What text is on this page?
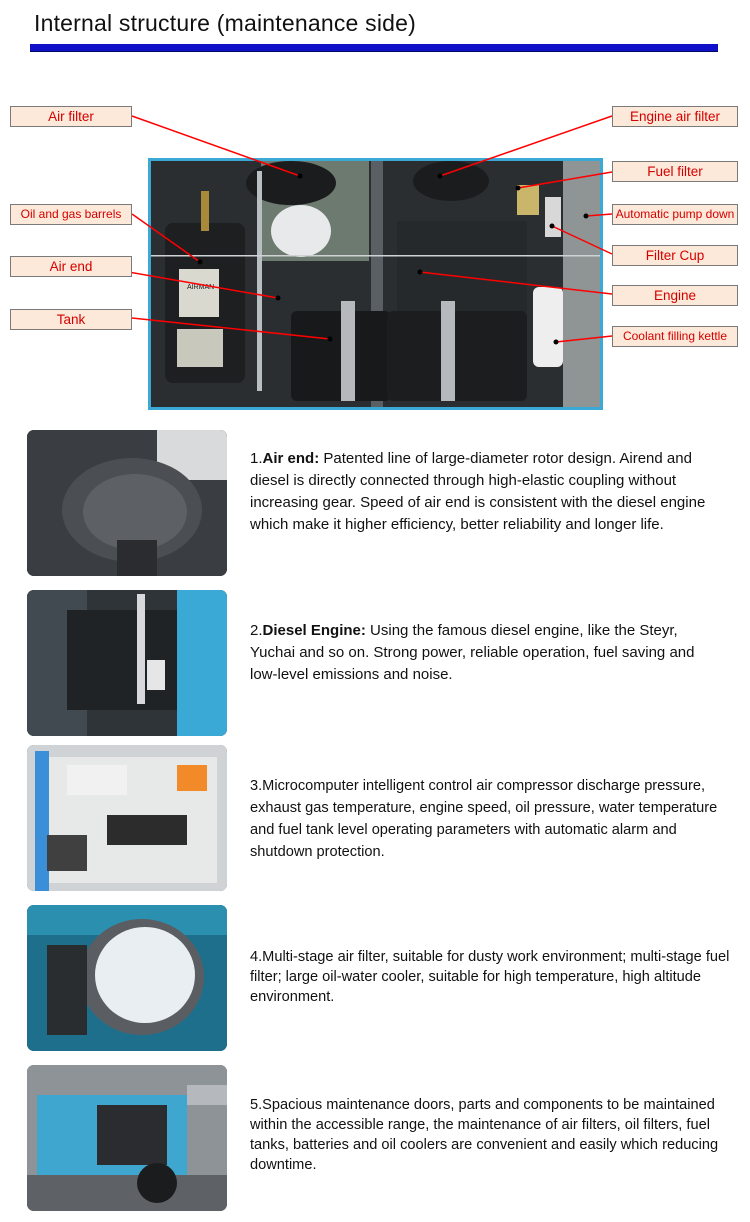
Internal structure (maintenance side)
AIRMAN
Air filter
Oil and gas barrels
Air end
Tank
Engine air filter
Fuel filter
Automatic pump down
Filter Cup
Engine
Coolant filling kettle
1.Air end: Patented line of large-diameter rotor design. Airend and diesel is directly connected through high-elastic coupling without increasing gear. Speed of air end is consistent with the diesel engine which make it higher efficiency, better reliability and longer life.
2.Diesel Engine: Using the famous diesel engine, like the Steyr, Yuchai and so on. Strong power, reliable operation, fuel saving and low-level emissions and noise.
3.Microcomputer intelligent control air compressor discharge pressure, exhaust gas temperature, engine speed, oil pressure, water temperature and fuel tank level operating parameters with automatic alarm and shutdown protection.
4.Multi-stage air filter, suitable for dusty work environment; multi-stage fuel filter; large oil-water cooler, suitable for high temperature, high altitude environment.
5.Spacious maintenance doors, parts and components to be maintained within the accessible range, the maintenance of air filters, oil filters, fuel tanks, batteries and oil coolers are convenient and easily which reducing downtime.
